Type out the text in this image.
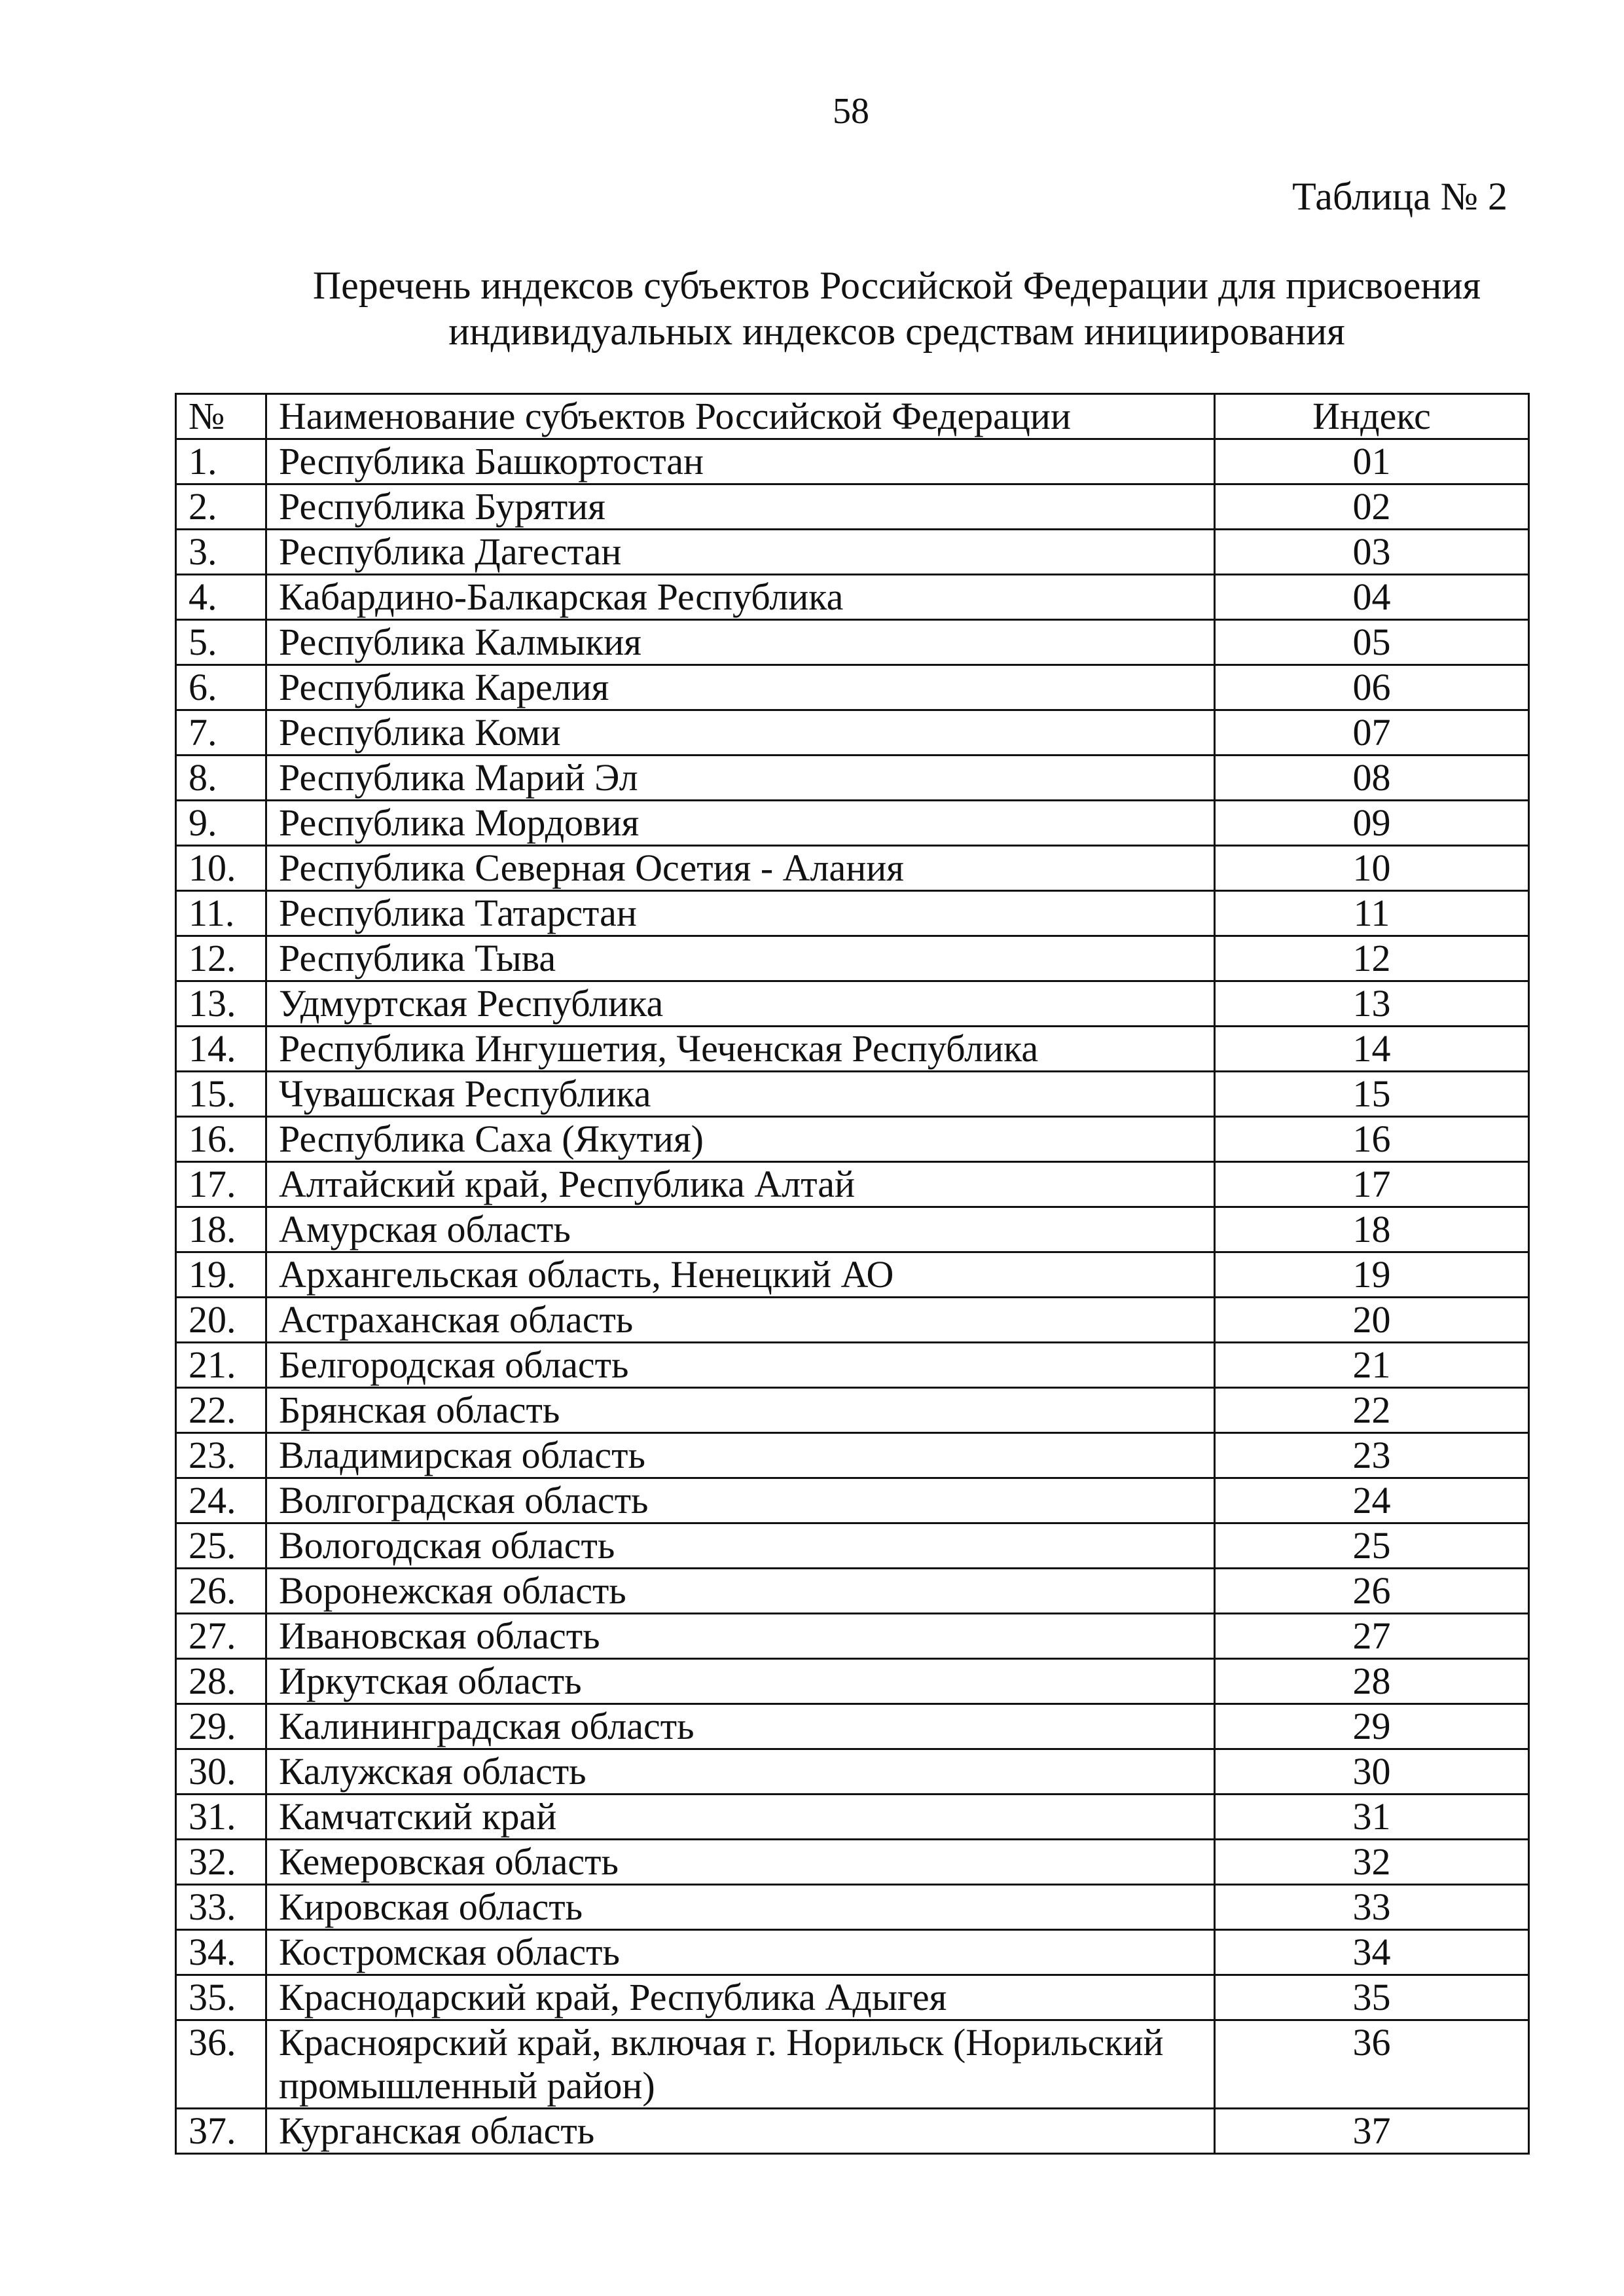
58
Таблица № 2
Перечень индексов субъектов Российской Федерации для присвоения
индивидуальных индексов средствам инициирования
№	Наименование субъектов Российской Федерации	Индекс
1.	Республика Башкортостан	01
2.	Республика Бурятия	02
3.	Республика Дагестан	03
4.	Кабардино-Балкарская Республика	04
5.	Республика Калмыкия	05
6.	Республика Карелия	06
7.	Республика Коми	07
8.	Республика Марий Эл	08
9.	Республика Мордовия	09
10.	Республика Северная Осетия - Алания	10
11.	Республика Татарстан	11
12.	Республика Тыва	12
13.	Удмуртская Республика	13
14.	Республика Ингушетия, Чеченская Республика	14
15.	Чувашская Республика	15
16.	Республика Саха (Якутия)	16
17.	Алтайский край, Республика Алтай	17
18.	Амурская область	18
19.	Архангельская область, Ненецкий АО	19
20.	Астраханская область	20
21.	Белгородская область	21
22.	Брянская область	22
23.	Владимирская область	23
24.	Волгоградская область	24
25.	Вологодская область	25
26.	Воронежская область	26
27.	Ивановская область	27
28.	Иркутская область	28
29.	Калининградская область	29
30.	Калужская область	30
31.	Камчатский край	31
32.	Кемеровская область	32
33.	Кировская область	33
34.	Костромская область	34
35.	Краснодарский край, Республика Адыгея	35
36.	Красноярский край, включая г. Норильск (Норильский промышленный район)	36
37.	Курганская область	37
